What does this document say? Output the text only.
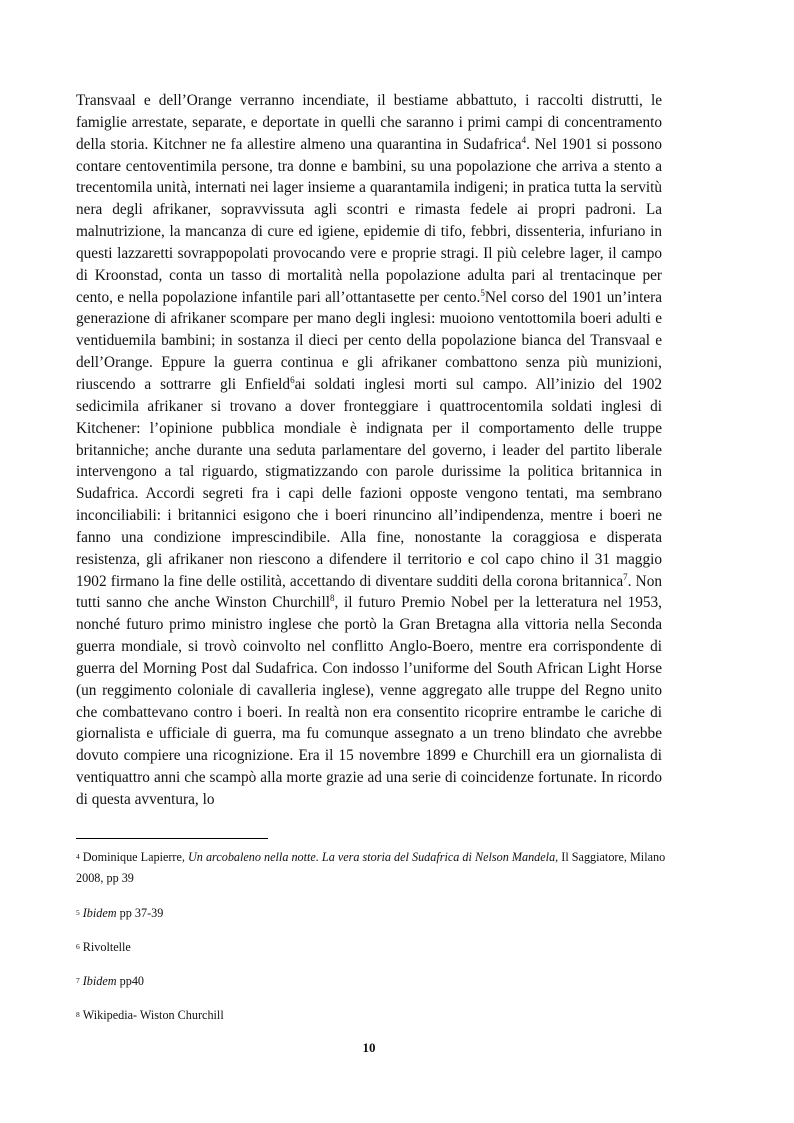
Transvaal e dell’Orange verranno incendiate, il bestiame abbattuto, i raccolti distrutti, le famiglie arrestate, separate, e deportate in quelli che saranno i primi campi di concentramento della storia. Kitchner ne fa allestire almeno una quarantina in Sudafrica$^4$. Nel 1901 si possono contare centoventimila persone, tra donne e bambini, su una popolazione che arriva a stento a trecentomila unità, internati nei lager insieme a quarantamila indigeni; in pratica tutta la servitù nera degli afrikaner, sopravvissuta agli scontri e rimasta fedele ai propri padroni. La malnutrizione, la mancanza di cure ed igiene, epidemie di tifo, febbri, dissenteria, infuriano in questi lazzaretti sovrappopolati provocando vere e proprie stragi. Il più celebre lager, il campo di Kroonstad, conta un tasso di mortalità nella popolazione adulta pari al trentacinque per cento, e nella popolazione infantile pari all’ottantasette per cento.$^5$Nel corso del 1901 un’intera generazione di afrikaner scompare per mano degli inglesi: muoiono ventottomila boeri adulti e ventiduemila bambini; in sostanza il dieci per cento della popolazione bianca del Transvaal e dell’Orange. Eppure la guerra continua e gli afrikaner combattono senza più munizioni, riuscendo a sottrarre gli Enfield$^6$ai soldati inglesi morti sul campo. All’inizio del 1902 sedicimila afrikaner si trovano a dover fronteggiare i quattrocentomila soldati inglesi di Kitchener: l’opinione pubblica mondiale è indignata per il comportamento delle truppe britanniche; anche durante una seduta parlamentare del governo, i leader del partito liberale intervengono a tal riguardo, stigmatizzando con parole durissime la politica britannica in Sudafrica. Accordi segreti fra i capi delle fazioni opposte vengono tentati, ma sembrano inconciliabili: i britannici esigono che i boeri rinuncino all’indipendenza, mentre i boeri ne fanno una condizione imprescindibile. Alla fine, nonostante la coraggiosa e disperata resistenza, gli afrikaner non riescono a difendere il territorio e col capo chino il 31 maggio 1902 firmano la fine delle ostilità, accettando di diventare sudditi della corona britannica$^7$. Non tutti sanno che anche Winston Churchill$^8$, il futuro Premio Nobel per la letteratura nel 1953, nonché futuro primo ministro inglese che portò la Gran Bretagna alla vittoria nella Seconda guerra mondiale, si trovò coinvolto nel conflitto Anglo-Boero, mentre era corrispondente di guerra del Morning Post dal Sudafrica. Con indosso l’uniforme del South African Light Horse (un reggimento coloniale di cavalleria inglese), venne aggregato alle truppe del Regno unito che combattevano contro i boeri. In realtà non era consentito ricoprire entrambe le cariche di giornalista e ufficiale di guerra, ma fu comunque assegnato a un treno blindato che avrebbe dovuto compiere una ricognizione. Era il 15 novembre 1899 e Churchill era un giornalista di ventiquattro anni che scampò alla morte grazie ad una serie di coincidenze fortunate. In ricordo di questa avventura, lo

$^4$ Dominique Lapierre, Un arcobaleno nella notte. La vera storia del Sudafrica di Nelson Mandela, Il Saggiatore, Milano 2008, pp 39

$^5$ Ibidem pp 37-39

$^6$ Rivoltelle

$^7$ Ibidem pp40

$^8$ Wikipedia- Wiston Churchill

10
